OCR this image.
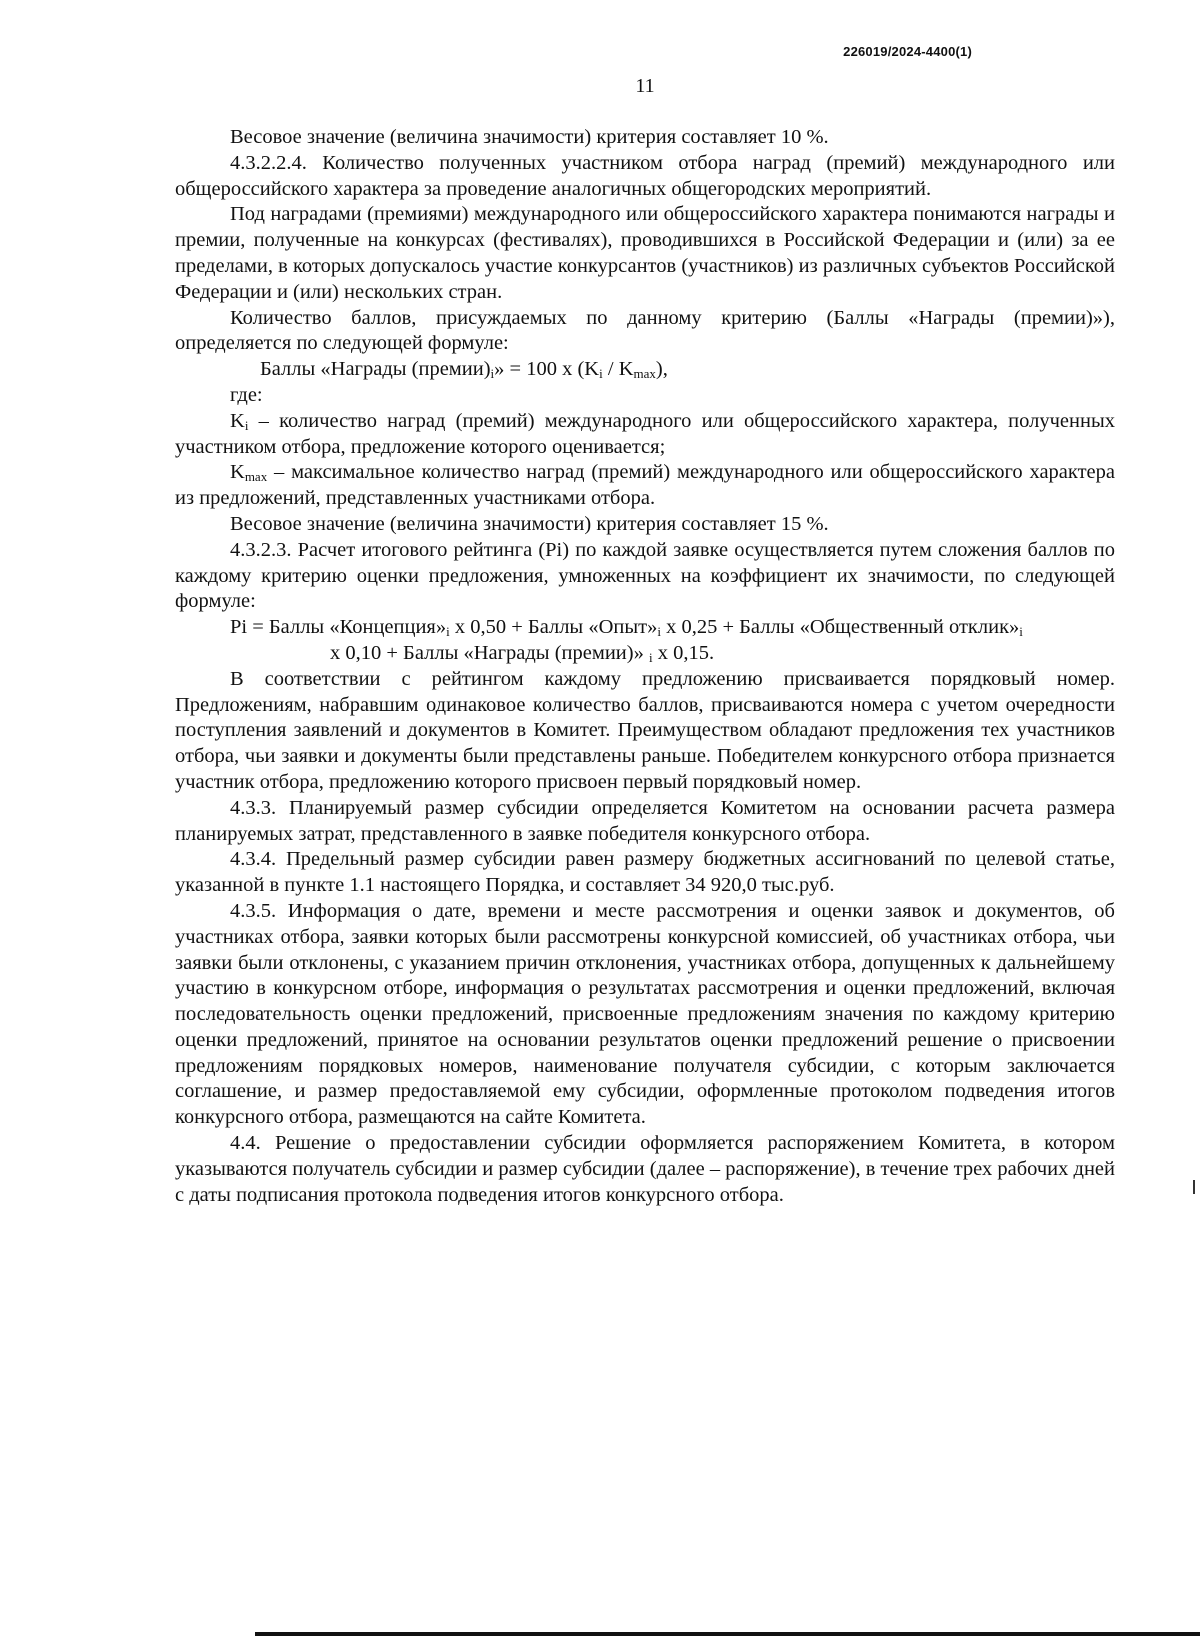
226019/2024-4400(1)
11

Весовое значение (величина значимости) критерия составляет 10 %.

4.3.2.2.4. Количество полученных участником отбора наград (премий) международного или общероссийского характера за проведение аналогичных общегородских мероприятий.

Под наградами (премиями) международного или общероссийского характера понимаются награды и премии, полученные на конкурсах (фестивалях), проводившихся в Российской Федерации и (или) за ее пределами, в которых допускалось участие конкурсантов (участников) из различных субъектов Российской Федерации и (или) нескольких стран.

Количество баллов, присуждаемых по данному критерию (Баллы «Награды (премии)»), определяется по следующей формуле:

Баллы «Награды $(премии)_i$» = 100 х $(K_i / K_{max})$,

где:

$K_i$ – количество наград (премий) международного или общероссийского характера, полученных участником отбора, предложение которого оценивается;

$K_{max}$ – максимальное количество наград (премий) международного или общероссийского характера из предложений, представленных участниками отбора.

Весовое значение (величина значимости) критерия составляет 15 %.

4.3.2.3. Расчет итогового рейтинга (Pi) по каждой заявке осуществляется путем сложения баллов по каждому критерию оценки предложения, умноженных на коэффициент их значимости, по следующей формуле:

Pi = Баллы «$Концепция»_i$ х 0,50 + Баллы «$Опыт»_i$ х 0,25 + Баллы «Общественный $отклик»_i$

х 0,10 + Баллы «Награды (премии)» $_i$ х 0,15.

В соответствии с рейтингом каждому предложению присваивается порядковый номер. Предложениям, набравшим одинаковое количество баллов, присваиваются номера с учетом очередности поступления заявлений и документов в Комитет. Преимуществом обладают предложения тех участников отбора, чьи заявки и документы были представлены раньше. Победителем конкурсного отбора признается участник отбора, предложению которого присвоен первый порядковый номер.

4.3.3. Планируемый размер субсидии определяется Комитетом на основании расчета размера планируемых затрат, представленного в заявке победителя конкурсного отбора.

4.3.4. Предельный размер субсидии равен размеру бюджетных ассигнований по целевой статье, указанной в пункте 1.1 настоящего Порядка, и составляет 34 920,0 тыс.руб.

4.3.5. Информация о дате, времени и месте рассмотрения и оценки заявок и документов, об участниках отбора, заявки которых были рассмотрены конкурсной комиссией, об участниках отбора, чьи заявки были отклонены, с указанием причин отклонения, участниках отбора, допущенных к дальнейшему участию в конкурсном отборе, информация о результатах рассмотрения и оценки предложений, включая последовательность оценки предложений, присвоенные предложениям значения по каждому критерию оценки предложений, принятое на основании результатов оценки предложений решение о присвоении предложениям порядковых номеров, наименование получателя субсидии, с которым заключается соглашение, и размер предоставляемой ему субсидии, оформленные протоколом подведения итогов конкурсного отбора, размещаются на сайте Комитета.

4.4. Решение о предоставлении субсидии оформляется распоряжением Комитета, в котором указываются получатель субсидии и размер субсидии (далее – распоряжение), в течение трех рабочих дней с даты подписания протокола подведения итогов конкурсного отбора.
